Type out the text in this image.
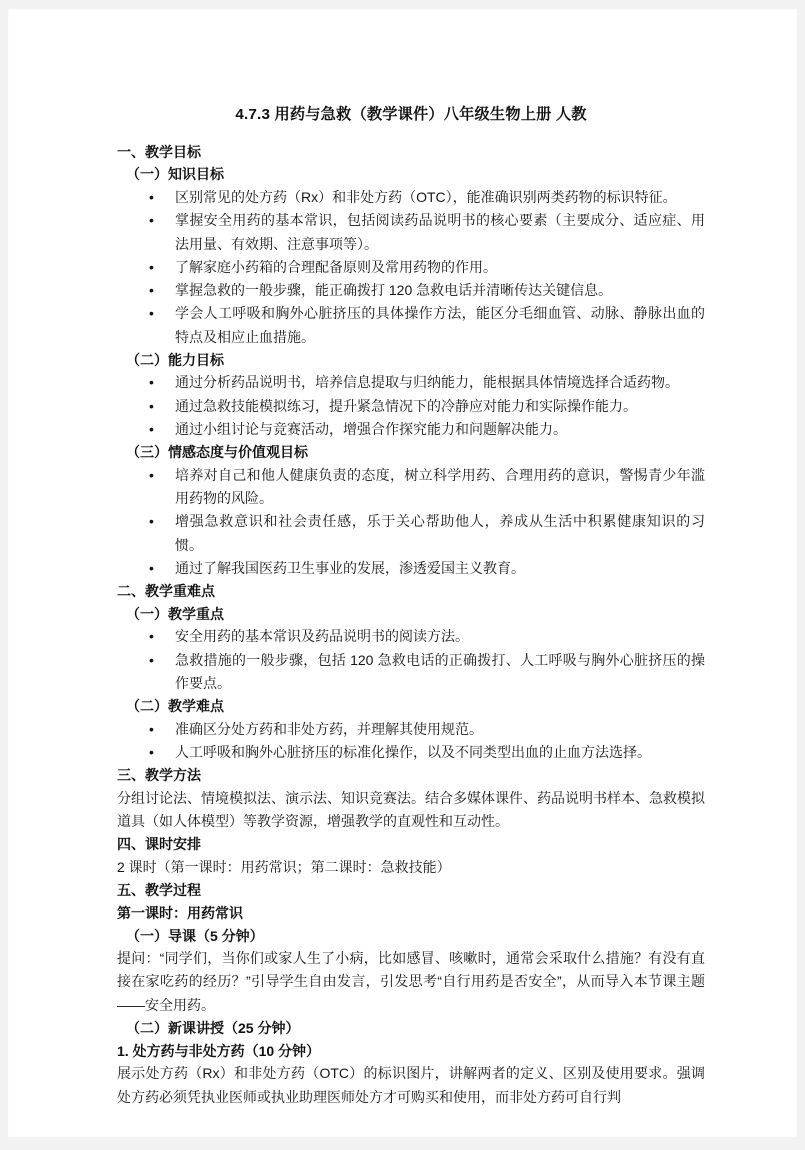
4.7.3 用药与急救（教学课件）八年级生物上册 人教
一、教学目标
（一）知识目标
• 区别常见的处方药（Rx）和非处方药（OTC），能准确识别两类药物的标识特征。
• 掌握安全用药的基本常识，包括阅读药品说明书的核心要素（主要成分、适应症、用法用量、有效期、注意事项等）。
• 了解家庭小药箱的合理配备原则及常用药物的作用。
• 掌握急救的一般步骤，能正确拨打 120 急救电话并清晰传达关键信息。
• 学会人工呼吸和胸外心脏挤压的具体操作方法，能区分毛细血管、动脉、静脉出血的特点及相应止血措施。
（二）能力目标
• 通过分析药品说明书，培养信息提取与归纳能力，能根据具体情境选择合适药物。
• 通过急救技能模拟练习，提升紧急情况下的冷静应对能力和实际操作能力。
• 通过小组讨论与竞赛活动，增强合作探究能力和问题解决能力。
（三）情感态度与价值观目标
• 培养对自己和他人健康负责的态度，树立科学用药、合理用药的意识，警惕青少年滥用药物的风险。
• 增强急救意识和社会责任感，乐于关心帮助他人，养成从生活中积累健康知识的习惯。
• 通过了解我国医药卫生事业的发展，渗透爱国主义教育。
二、教学重难点
（一）教学重点
• 安全用药的基本常识及药品说明书的阅读方法。
• 急救措施的一般步骤，包括 120 急救电话的正确拨打、人工呼吸与胸外心脏挤压的操作要点。
（二）教学难点
• 准确区分处方药和非处方药，并理解其使用规范。
• 人工呼吸和胸外心脏挤压的标准化操作，以及不同类型出血的止血方法选择。
三、教学方法

分组讨论法、情境模拟法、演示法、知识竞赛法。结合多媒体课件、药品说明书样本、急救模拟道具（如人体模型）等教学资源，增强教学的直观性和互动性。

四、课时安排

2 课时（第一课时：用药常识；第二课时：急救技能）

五、教学过程
第一课时：用药常识
（一）导课（5 分钟）

提问：“同学们，当你们或家人生了小病，比如感冒、咳嗽时，通常会采取什么措施？有没有直接在家吃药的经历？”引导学生自由发言，引发思考“自行用药是否安全”，从而导入本节课主题——安全用药。

（二）新课讲授（25 分钟）
1. 处方药与非处方药（10 分钟）

展示处方药（Rx）和非处方药（OTC）的标识图片，讲解两者的定义、区别及使用要求。强调处方药必须凭执业医师或执业助理医师处方才可购买和使用，而非处方药可自行判
